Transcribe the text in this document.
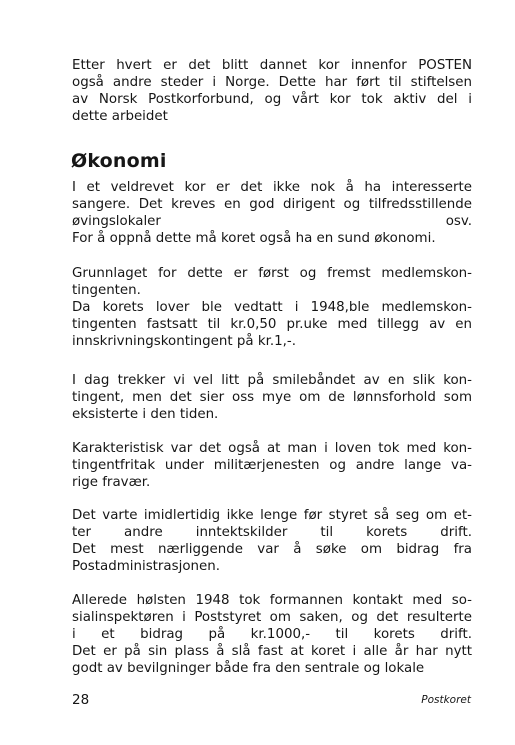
Etter hvert er det blitt dannet kor innenfor POSTEN
også andre steder i Norge. Dette har ført til stiftelsen
av Norsk Postkorforbund, og vårt kor tok aktiv del i
dette arbeidet

Økonomi

I et veldrevet kor er det ikke nok å ha interesserte
sangere. Det kreves en god dirigent og tilfredsstillende
øvingslokaler osv.
For å oppnå dette må koret også ha en sund økonomi.

Grunnlaget for dette er først og fremst medlemskon-
tingenten.
Da korets lover ble vedtatt i 1948,ble medlemskon-
tingenten fastsatt til kr.0,50 pr.uke med tillegg av en
innskrivningskontingent på kr.1,-.

I dag trekker vi vel litt på smilebåndet av en slik kon-
tingent, men det sier oss mye om de lønnsforhold som
eksisterte i den tiden.

Karakteristisk var det også at man i loven tok med kon-
tingentfritak under militærjenesten og andre lange va-
rige fravær.

Det varte imidlertidig ikke lenge før styret så seg om et-
ter andre inntektskilder til korets drift.
Det mest nærliggende var å søke om bidrag fra
Postadministrasjonen.

Allerede hølsten 1948 tok formannen kontakt med so-
sialinspektøren i Poststyret om saken, og det resulterte
i et bidrag på kr.1000,- til korets drift.
Det er på sin plass å slå fast at koret i alle år har nytt
godt av bevilgninger både fra den sentrale og lokale

28	Postkoret
